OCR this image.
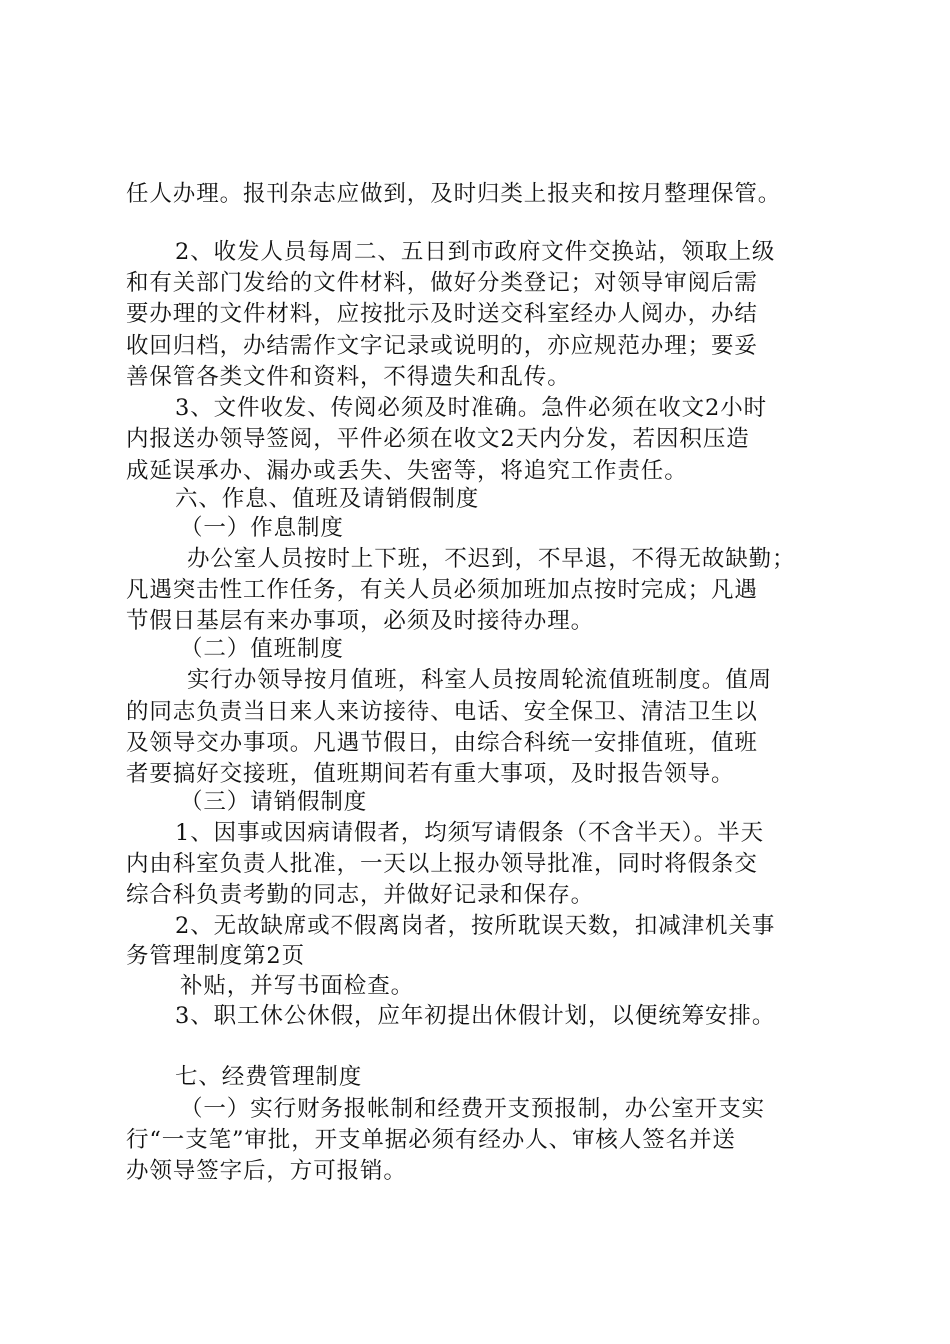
任人办理。报刊杂志应做到，及时归类上报夹和按月整理保管。
2、收发人员每周二、五日到市政府文件交换站，领取上级
和有关部门发给的文件材料，做好分类登记；对领导审阅后需
要办理的文件材料，应按批示及时送交科室经办人阅办，办结
收回归档，办结需作文字记录或说明的，亦应规范办理；要妥
善保管各类文件和资料，不得遗失和乱传。
3、文件收发、传阅必须及时准确。急件必须在收文2小时
内报送办领导签阅，平件必须在收文2天内分发，若因积压造
成延误承办、漏办或丢失、失密等，将追究工作责任。
六、作息、值班及请销假制度
（一）作息制度
办公室人员按时上下班，不迟到，不早退，不得无故缺勤；
凡遇突击性工作任务，有关人员必须加班加点按时完成；凡遇
节假日基层有来办事项，必须及时接待办理。
（二）值班制度
实行办领导按月值班，科室人员按周轮流值班制度。值周
的同志负责当日来人来访接待、电话、安全保卫、清洁卫生以
及领导交办事项。凡遇节假日，由综合科统一安排值班，值班
者要搞好交接班，值班期间若有重大事项，及时报告领导。
（三）请销假制度
1、因事或因病请假者，均须写请假条（不含半天）。半天
内由科室负责人批准，一天以上报办领导批准，同时将假条交
综合科负责考勤的同志，并做好记录和保存。
2、无故缺席或不假离岗者，按所耽误天数，扣减津机关事
务管理制度第2页
补贴，并写书面检查。
3、职工休公休假，应年初提出休假计划，以便统筹安排。
七、经费管理制度
（一）实行财务报帐制和经费开支预报制，办公室开支实
行“一支笔”审批，开支单据必须有经办人、审核人签名并送
办领导签字后，方可报销。
